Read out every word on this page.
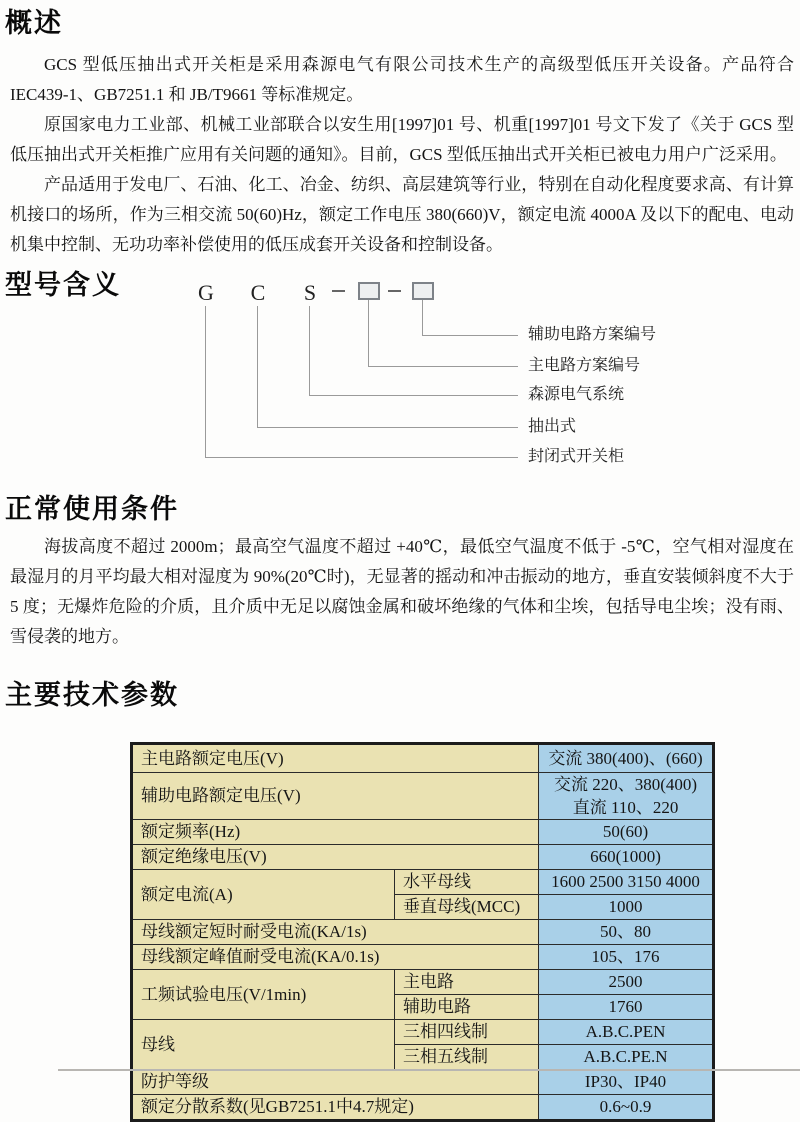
概述

GCS 型低压抽出式开关柜是采用森源电气有限公司技术生产的高级型低压开关设备。产品符合 IEC439-1、GB7251.1 和 JB/T9661 等标准规定。

原国家电力工业部、机械工业部联合以安生用[1997]01 号、机重[1997]01 号文下发了《关于 GCS 型低压抽出式开关柜推广应用有关问题的通知》。目前，GCS 型低压抽出式开关柜已被电力用户广泛采用。

产品适用于发电厂、石油、化工、冶金、纺织、高层建筑等行业，特别在自动化程度要求高、有计算机接口的场所，作为三相交流 50(60)Hz，额定工作电压 380(660)V，额定电流 4000A 及以下的配电、电动机集中控制、无功功率补偿使用的低压成套开关设备和控制设备。

型号含义	G C S
辅助电路方案编号
主电路方案编号
森源电气系统
抽出式
封闭式开关柜
正常使用条件

海拔高度不超过 2000m；最高空气温度不超过 +40℃，最低空气温度不低于 -5℃，空气相对湿度在最湿月的月平均最大相对湿度为 90%(20℃时)，无显著的摇动和冲击振动的地方，垂直安装倾斜度不大于 5 度；无爆炸危险的介质，且介质中无足以腐蚀金属和破坏绝缘的气体和尘埃，包括导电尘埃；没有雨、雪侵袭的地方。

主要技术参数
主电路额定电压(V)		交流 380(400)、(660)
辅助电路额定电压(V)		交流 220、380(400)
直流 110、220

额定频率(Hz)		50(60)
额定绝缘电压(V)		660(1000)
额定电流(A)	水平母线	1600 2500 3150 4000
	垂直母线(MCC)	1000
母线额定短时耐受电流(KA/1s)		50、80
母线额定峰值耐受电流(KA/0.1s)		105、176
工频试验电压(V/1min)	主电路	2500
	辅助电路	1760
母线	三相四线制	A.B.C.PEN
	三相五线制	A.B.C.PE.N
防护等级		IP30、IP40
额定分散系数(见GB7251.1中4.7规定)		0.6~0.9
